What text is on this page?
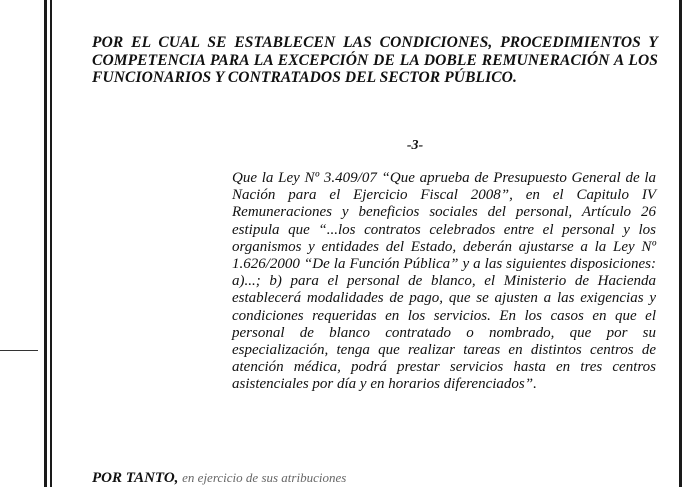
POR EL CUAL SE ESTABLECEN LAS CONDICIONES, PROCEDIMIENTOS Y COMPETENCIA PARA LA EXCEPCIÓN DE LA DOBLE REMUNERACIÓN A LOS FUNCIONARIOS Y CONTRATADOS DEL SECTOR PÚBLICO.
-3-
Que la Ley Nº 3.409/07 “Que aprueba de Presupuesto General de la Nación para el Ejercicio Fiscal 2008”, en el Capitulo IV Remuneraciones y beneficios sociales del personal, Artículo 26 estipula que “...los contratos celebrados entre el personal y los organismos y entidades del Estado, deberán ajustarse a la Ley Nº 1.626/2000 “De la Función Pública” y a las siguientes disposiciones: a)...; b) para el personal de blanco, el Ministerio de Hacienda establecerá modalidades de pago, que se ajusten a las exigencias y condiciones requeridas en los servicios. En los casos en que el personal de blanco contratado o nombrado, que por su especialización, tenga que realizar tareas en distintos centros de atención médica, podrá prestar servicios hasta en tres centros asistenciales por día y en horarios diferenciados”.
POR TANTO, en ejercicio de sus atribuciones
